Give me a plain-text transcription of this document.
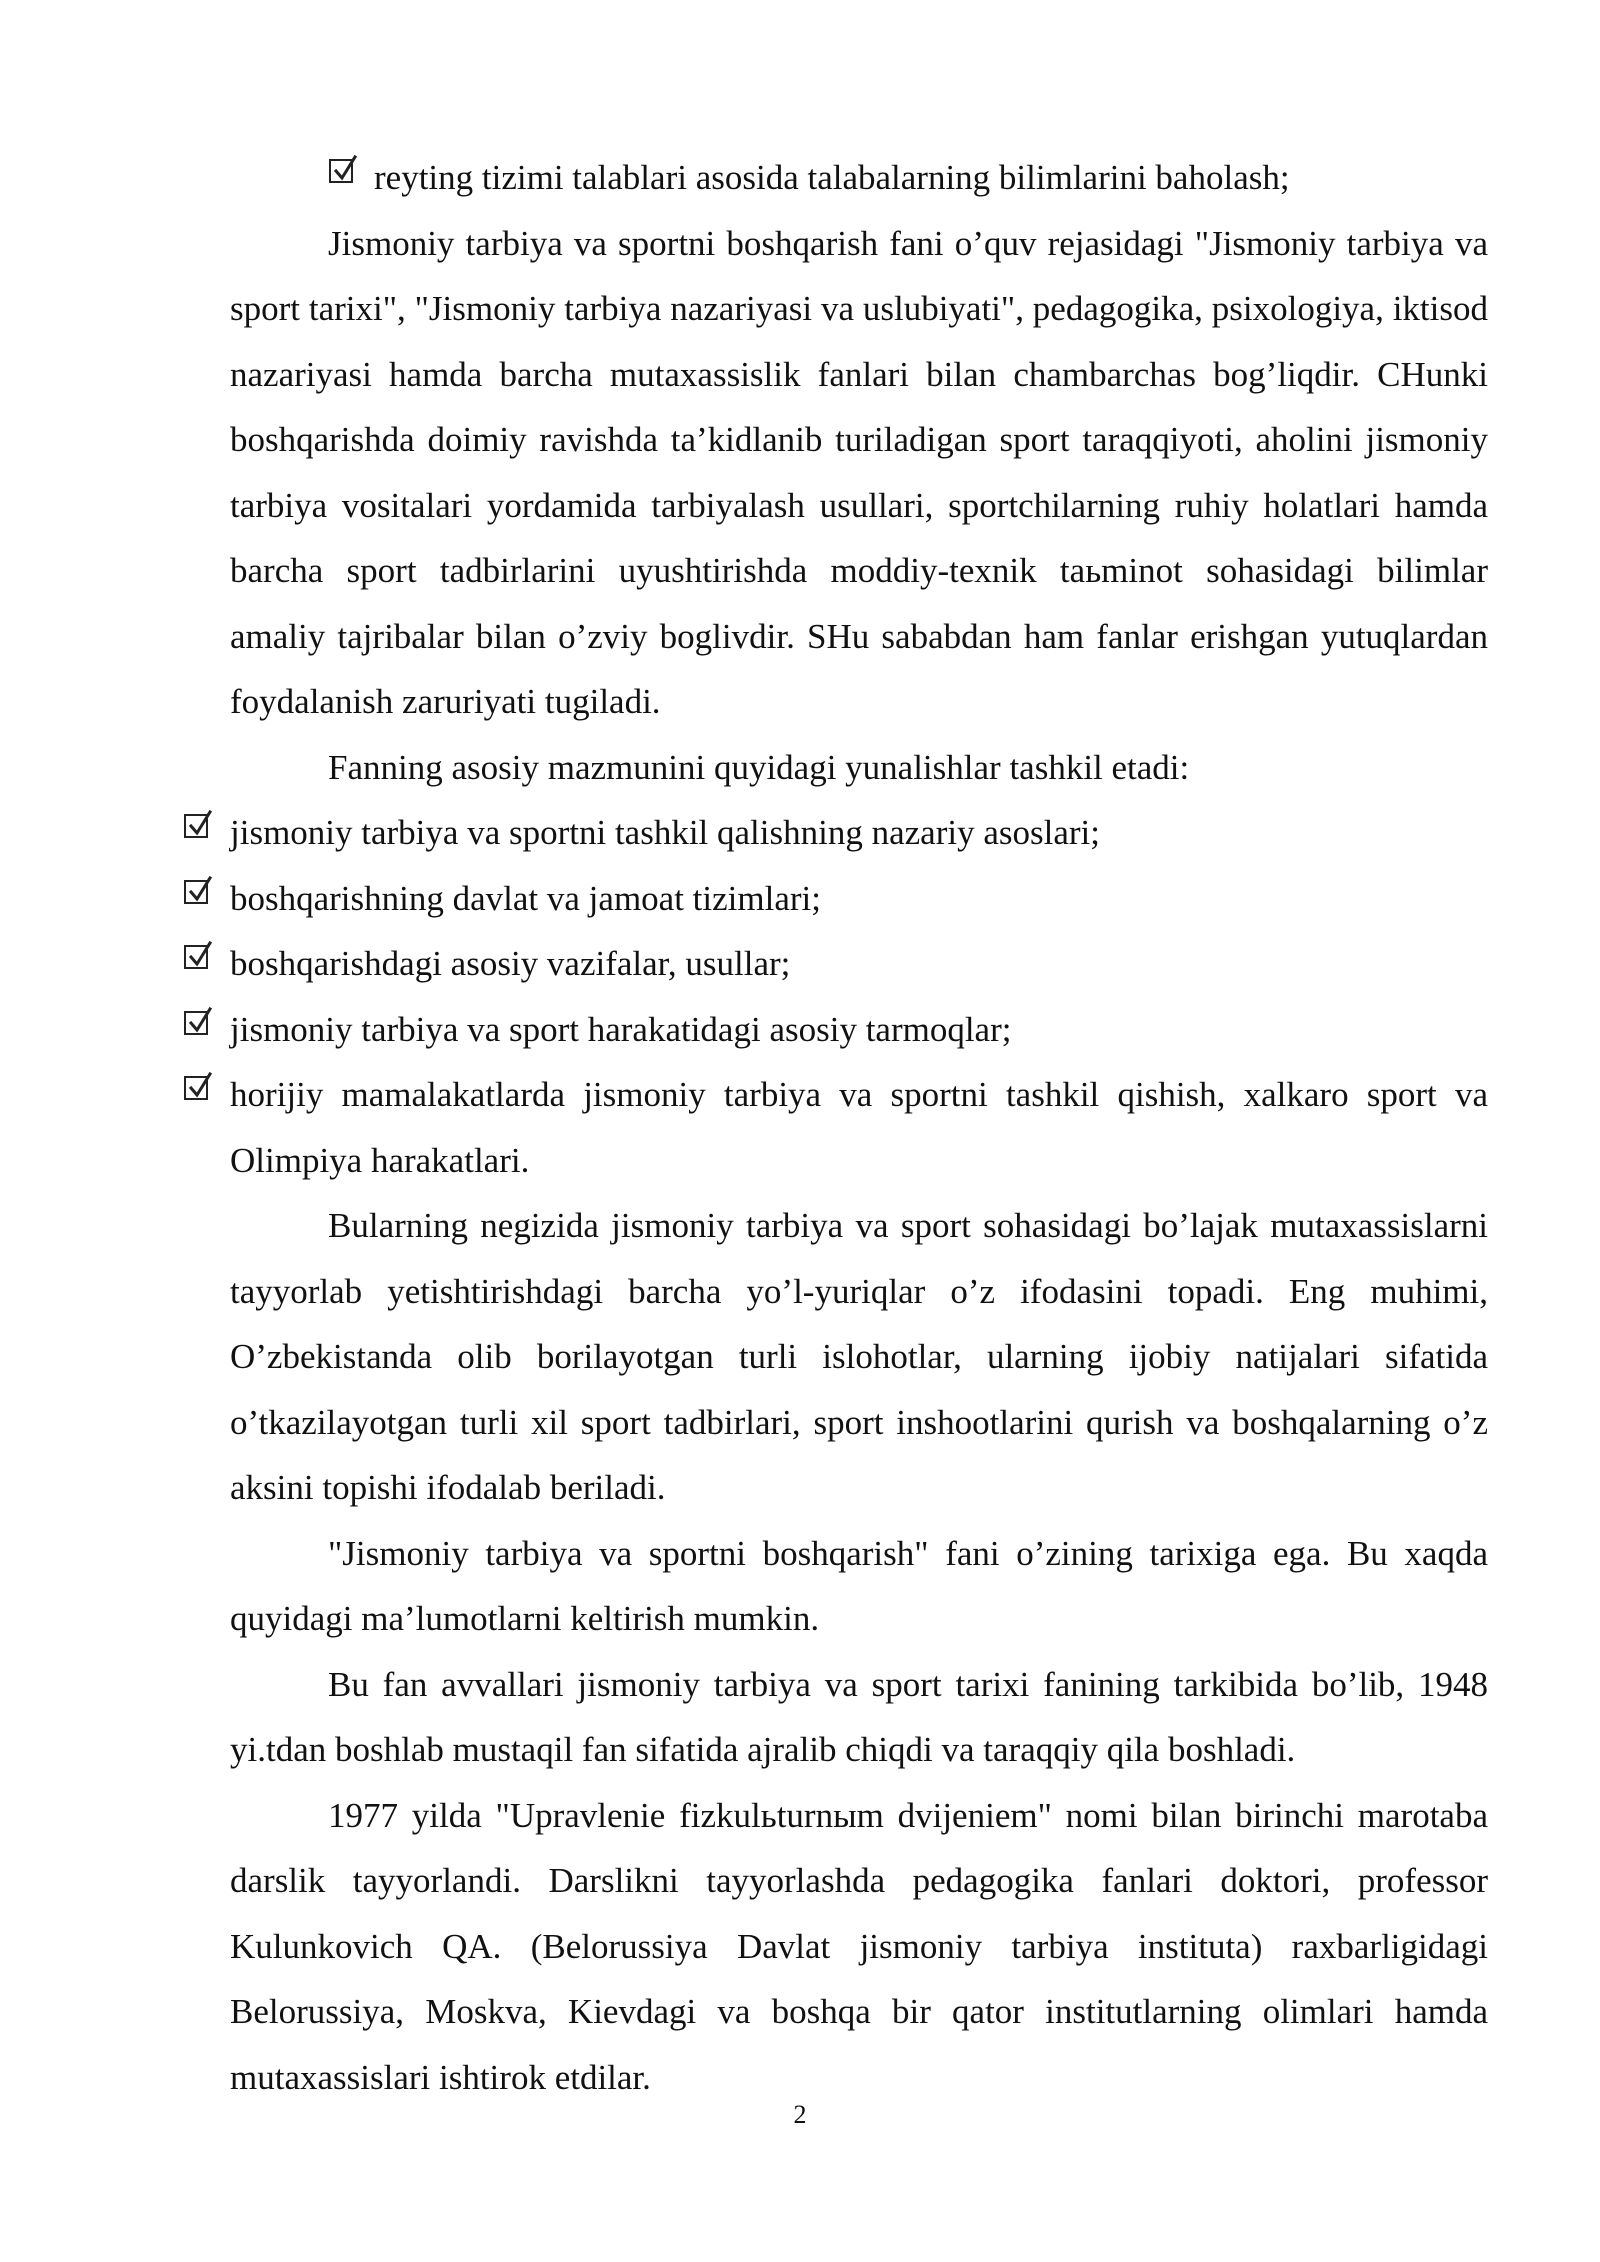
reyting tizimi talablari asosida talabalarning bilimlarini baholash;

Jismoniy tarbiya va sportni boshqarish fani o’quv rejasidagi "Jismoniy tarbiya va sport tarixi", "Jismoniy tarbiya nazariyasi va uslubiyati", pedagogika, psixologiya, iktisod nazariyasi hamda barcha mutaxassislik fanlari bilan chambarchas bog’liqdir. CHunki boshqarishda doimiy ravishda ta’kidlanib turiladigan sport taraqqiyoti, aholini jismoniy tarbiya vositalari yordamida tarbiyalash usullari, sportchilarning ruhiy holatlari hamda barcha sport tadbirlarini uyushtirishda moddiy-texnik taьminot sohasidagi bilimlar amaliy tajribalar bilan o’zviy boglivdir. SHu sababdan ham fanlar erishgan yutuqlardan foydalanish zaruriyati tugiladi.

Fanning asosiy mazmunini quyidagi yunalishlar tashkil etadi:

jismoniy tarbiya va sportni tashkil qalishning nazariy asoslari;

boshqarishning davlat va jamoat tizimlari;

boshqarishdagi asosiy vazifalar, usullar;

jismoniy tarbiya va sport harakatidagi asosiy tarmoqlar;

horijiy mamalakatlarda jismoniy tarbiya va sportni tashkil qishish, xalkaro sport va Olimpiya harakatlari.

Bularning negizida jismoniy tarbiya va sport sohasidagi bo’lajak mutaxassislarni tayyorlab yetishtirishdagi barcha yo’l-yuriqlar o’z ifodasini topadi. Eng muhimi, O’zbekistanda olib borilayotgan turli islohotlar, ularning ijobiy natijalari sifatida o’tkazilayotgan turli xil sport tadbirlari, sport inshootlarini qurish va boshqalarning o’z aksini topishi ifodalab beriladi.

"Jismoniy tarbiya va sportni boshqarish" fani o’zining tarixiga ega. Bu xaqda quyidagi ma’lumotlarni keltirish mumkin.

Bu fan avvallari jismoniy tarbiya va sport tarixi fanining tarkibida bo’lib, 1948 yi.tdan boshlab mustaqil fan sifatida ajralib chiqdi va taraqqiy qila boshladi.

1977 yilda "Upravlenie fizkulьturnыm dvijeniem" nomi bilan birinchi marotaba darslik tayyorlandi. Darslikni tayyorlashda pedagogika fanlari doktori, professor Kulunkovich QA. (Belorussiya Davlat jismoniy tarbiya instituta) raxbarligidagi Belorussiya, Moskva, Kievdagi va boshqa bir qator institutlarning olimlari hamda mutaxassislari ishtirok etdilar.

2
